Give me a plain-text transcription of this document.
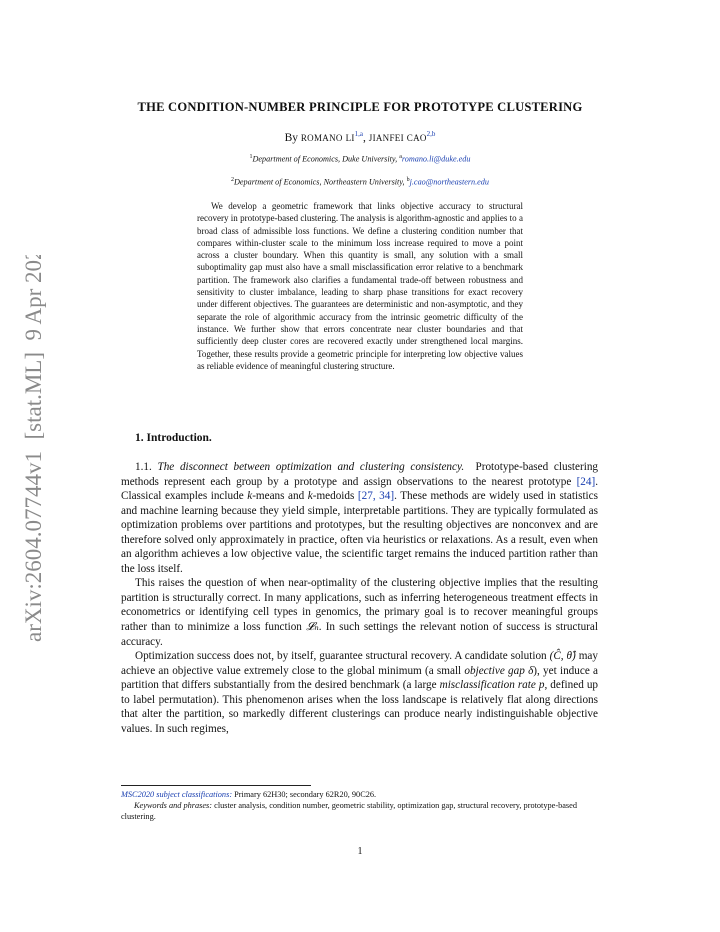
arXiv:2604.07744v1  [stat.ML]  9 Apr 2026
THE CONDITION-NUMBER PRINCIPLE FOR PROTOTYPE CLUSTERING
By ROMANO LI$^{1,a}$, JIANFEI CAO$^{2,b}$
$^1$Department of Economics, Duke University, $^a$romano.li@duke.edu
$^2$Department of Economics, Northeastern University, $^b$j.cao@northeastern.edu
We develop a geometric framework that links objective accuracy to structural recovery in prototype-based clustering. The analysis is algorithm-agnostic and applies to a broad class of admissible loss functions. We define a clustering condition number that compares within-cluster scale to the minimum loss increase required to move a point across a cluster boundary. When this quantity is small, any solution with a small suboptimality gap must also have a small misclassification error relative to a benchmark partition. The framework also clarifies a fundamental trade-off between robustness and sensitivity to cluster imbalance, leading to sharp phase transitions for exact recovery under different objectives. The guarantees are deterministic and non-asymptotic, and they separate the role of algorithmic accuracy from the intrinsic geometric difficulty of the instance. We further show that errors concentrate near cluster boundaries and that sufficiently deep cluster cores are recovered exactly under strengthened local margins. Together, these results provide a geometric principle for interpreting low objective values as reliable evidence of meaningful clustering structure.
1. Introduction.

1.1. The disconnect between optimization and clustering consistency. Prototype-based clustering methods represent each group by a prototype and assign observations to the nearest prototype [24]. Classical examples include k-means and k-medoids [27, 34]. These methods are widely used in statistics and machine learning because they yield simple, interpretable partitions. They are typically formulated as optimization problems over partitions and prototypes, but the resulting objectives are nonconvex and are therefore solved only approximately in practice, often via heuristics or relaxations. As a result, even when an algorithm achieves a low objective value, the scientific target remains the induced partition rather than the loss itself.

This raises the question of when near-optimality of the clustering objective implies that the resulting partition is structurally correct. In many applications, such as inferring heterogeneous treatment effects in econometrics or identifying cell types in genomics, the primary goal is to recover meaningful groups rather than to minimize a loss function 𝓛ₙ. In such settings the relevant notion of success is structural accuracy.

Optimization success does not, by itself, guarantee structural recovery. A candidate solution (Ĉ, θ̂) may achieve an objective value extremely close to the global minimum (a small objective gap δ), yet induce a partition that differs substantially from the desired benchmark (a large misclassification rate p, defined up to label permutation). This phenomenon arises when the loss landscape is relatively flat along directions that alter the partition, so markedly different clusterings can produce nearly indistinguishable objective values. In such regimes,

MSC2020 subject classifications: Primary 62H30; secondary 62R20, 90C26.
Keywords and phrases: cluster analysis, condition number, geometric stability, optimization gap, structural recovery, prototype-based clustering.
1
